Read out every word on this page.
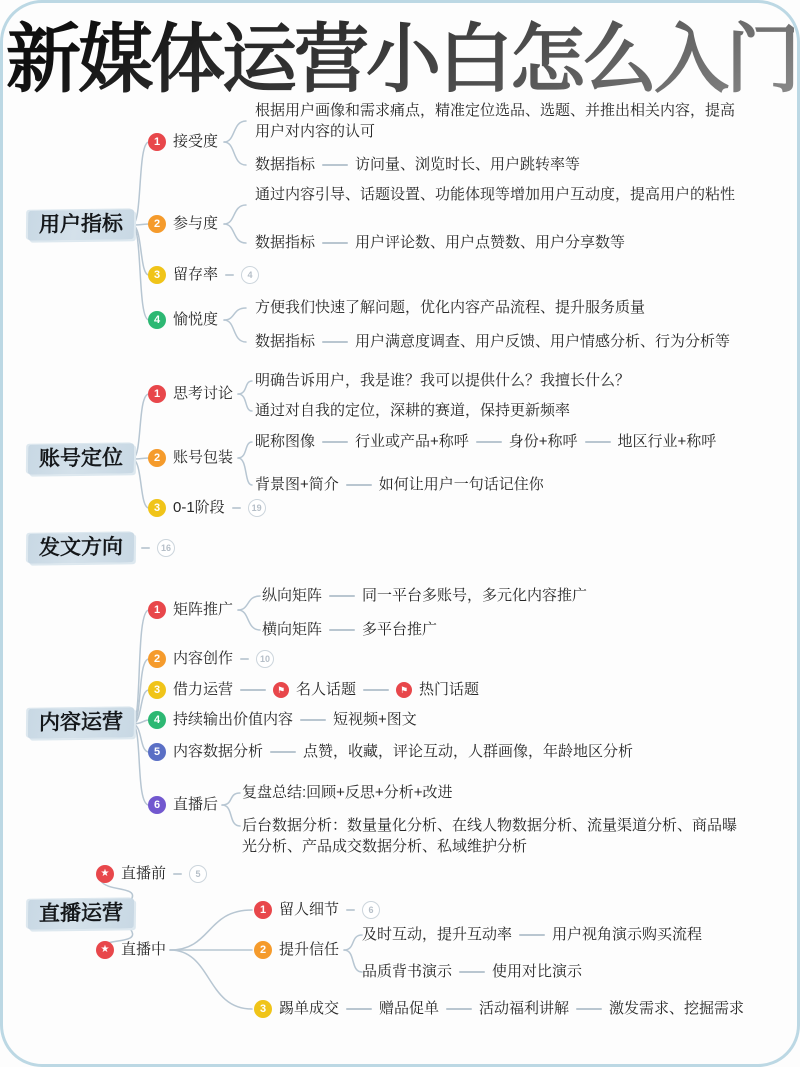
新媒体运营小白怎么入门
用户指标
根据用户画像和需求痛点，精准定位选品、选题、并推出相关内容，提高用户对内容的认可
1 接受度
数据指标	访问量、浏览时长、用户跳转率等
通过内容引导、话题设置、功能体现等增加用户互动度，提高用户的粘性
2 参与度
数据指标	用户评论数、用户点赞数、用户分享数等
3 留存率	4
方便我们快速了解问题，优化内容产品流程、提升服务质量
4 愉悦度
数据指标	用户满意度调查、用户反馈、用户情感分析、行为分析等
账号定位
明确告诉用户，我是谁？我可以提供什么？我擅长什么？
1 思考讨论
通过对自我的定位，深耕的赛道，保持更新频率
昵称图像	行业或产品+称呼	身份+称呼	地区行业+称呼
2 账号包装
背景图+简介	如何让用户一句话记住你
3 0-1阶段	19
发文方向	16
内容运营
纵向矩阵	同一平台多账号，多元化内容推广
1 矩阵推广
横向矩阵	多平台推广
2 内容创作	10
3 借力运营	⚑ 名人话题	⚑ 热门话题
4 持续输出价值内容	短视频+图文
5 内容数据分析	点赞，收藏，评论互动，人群画像，年龄地区分析
复盘总结:回顾+反思+分析+改进
6 直播后
后台数据分析：数量量化分析、在线人物数据分析、流量渠道分析、商品曝光分析、产品成交数据分析、私域维护分析
直播运营
★ 直播前	5
1 留人细节	6
及时互动，提升互动率	用户视角演示购买流程
★ 直播中	2 提升信任
品质背书演示	使用对比演示
3 踢单成交	赠品促单	活动福利讲解	激发需求、挖掘需求
